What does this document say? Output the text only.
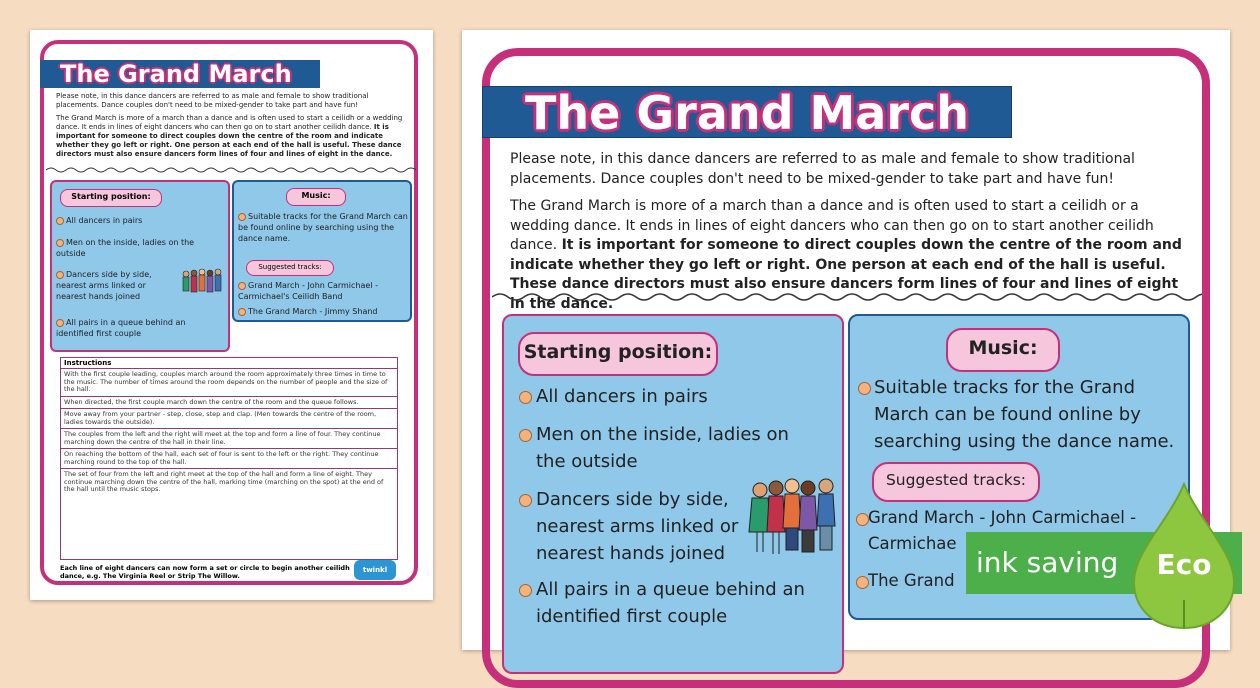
The Grand March

Please note, in this dance dancers are referred to as male and female to show traditional placements. Dance couples don't need to be mixed-gender to take part and have fun!

The Grand March is more of a march than a dance and is often used to start a ceilidh or a wedding dance. It ends in lines of eight dancers who can then go on to start another ceilidh dance. It is important for someone to direct couples down the centre of the room and indicate whether they go left or right. One person at each end of the hall is useful. These dance directors must also ensure dancers form lines of four and lines of eight in the dance.

Starting position:
All dancers in pairs
Men on the inside, ladies on the outside
Dancers side by side, nearest arms linked or nearest hands joined
All pairs in a queue behind an identified first couple
Music:
Suitable tracks for the Grand March can be found online by searching using the dance name.
Suggested tracks:
Grand March - John Carmichael - Carmichael's Ceilidh Band
The Grand March - Jimmy Shand
Instructions
With the first couple leading, couples march around the room approximately three times in time to the music. The number of times around the room depends on the number of people and the size of the hall.
When directed, the first couple march down the centre of the room and the queue follows.
Move away from your partner - step, close, step and clap. (Men towards the centre of the room, ladies towards the outside).
The couples from the left and the right will meet at the top and form a line of four. They continue marching down the centre of the hall in their line.
On reaching the bottom of the hall, each set of four is sent to the left or the right. They continue marching round to the top of the hall.
The set of four from the left and right meet at the top of the hall and form a line of eight. They continue marching down the centre of the hall, marking time (marching on the spot) at the end of the hall until the music stops.
Each line of eight dancers can now form a set or circle to begin another ceilidh dance, e.g. The Virginia Reel or Strip The Willow.
twinkl
The Grand March

Please note, in this dance dancers are referred to as male and female to show traditional placements. Dance couples don't need to be mixed-gender to take part and have fun!

The Grand March is more of a march than a dance and is often used to start a ceilidh or a wedding dance. It ends in lines of eight dancers who can then go on to start another ceilidh dance. It is important for someone to direct couples down the centre of the room and indicate whether they go left or right. One person at each end of the hall is useful. These dance directors must also ensure dancers form lines of four and lines of eight in the dance.

Starting position:
All dancers in pairs
Men on the inside, ladies on
the outside
Dancers side by side,
nearest arms linked or
nearest hands joined
All pairs in a queue behind an
identified first couple
Music:
Suitable tracks for the Grand
March can be found online by
searching using the dance name.
Suggested tracks:
Grand March - John Carmichael -
Carmichae
The Grand
ink saving Eco
